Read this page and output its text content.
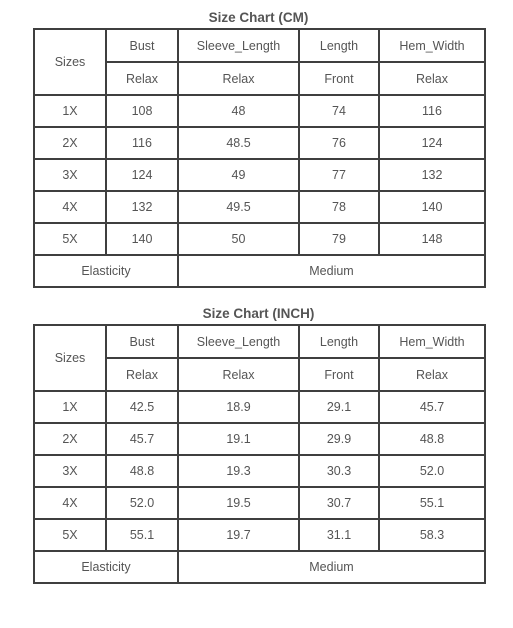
Size Chart (CM)
Sizes	Bust	Sleeve_Length	Length	Hem_Width
	Relax	Relax	Front	Relax
1X	108	48	74	116
2X	116	48.5	76	124
3X	124	49	77	132
4X	132	49.5	78	140
5X	140	50	79	148
Elasticity		Medium		
Size Chart (INCH)
Sizes	Bust	Sleeve_Length	Length	Hem_Width
	Relax	Relax	Front	Relax
1X	42.5	18.9	29.1	45.7
2X	45.7	19.1	29.9	48.8
3X	48.8	19.3	30.3	52.0
4X	52.0	19.5	30.7	55.1
5X	55.1	19.7	31.1	58.3
Elasticity		Medium		
